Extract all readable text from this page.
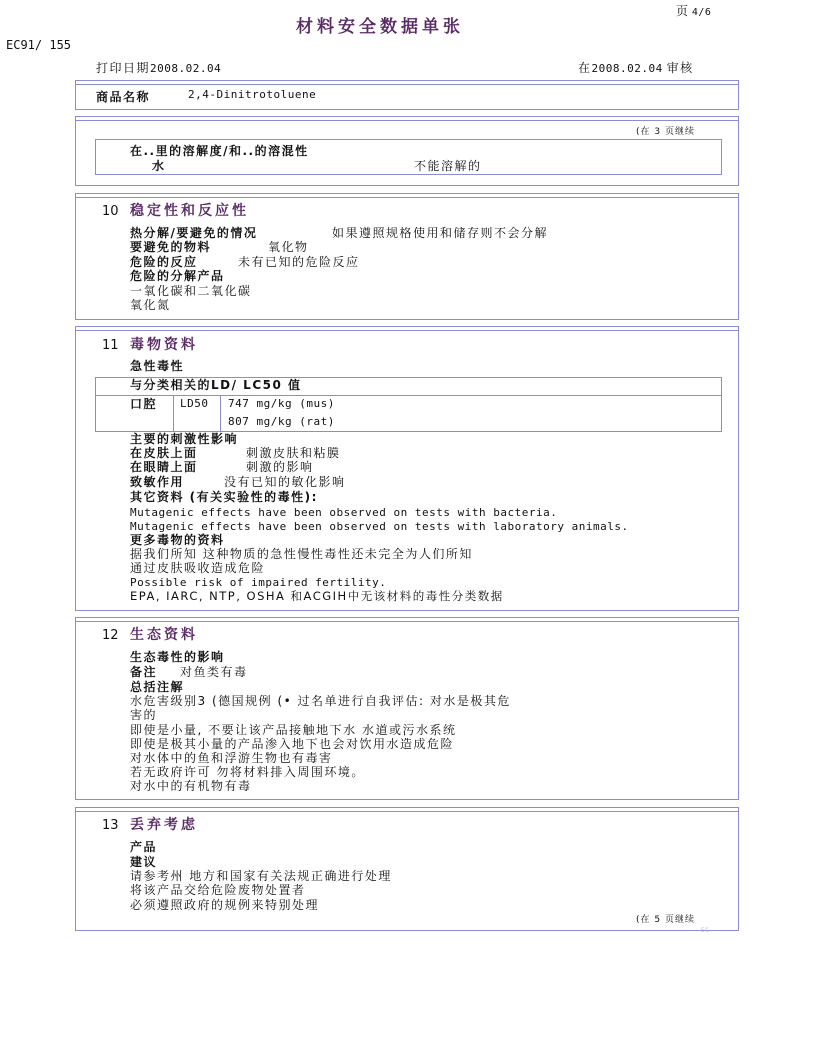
页 4/6
材料安全数据单张
EC91/ 155
打印日期2008.02.04	在2008.02.04 审核
商品名称	2,4-Dinitrotoluene
(在 3 页继续
在..里的溶解度/和..的溶混性
水	不能溶解的
10 稳定性和反应性
热分解/要避免的情况	如果遵照规格使用和储存则不会分解
要避免的物料	氧化物
危险的反应	未有已知的危险反应
危险的分解产品
一氧化碳和二氧化碳
氧化氮
11 毒物资料
急性毒性
与分类相关的LD/ LC50 值
口腔 LD50 747 mg/kg (mus)
807 mg/kg (rat)
主要的刺激性影响
在皮肤上面	刺激皮肤和粘膜
在眼睛上面	刺激的影响
致敏作用	没有已知的敏化影响
其它资料 (有关实验性的毒性):
Mutagenic effects have been observed on tests with bacteria.
Mutagenic effects have been observed on tests with laboratory animals.
更多毒物的资料
据我们所知 这种物质的急性慢性毒性还未完全为人们所知
通过皮肤吸收造成危险
Possible risk of impaired fertility.
EPA, IARC, NTP, OSHA 和ACGIH中无该材料的毒性分类数据
12 生态资料
生态毒性的影响
备注 对鱼类有毒
总括注解
水危害级别3 (德国规例 (• 过名单进行自我评估: 对水是极其危
害的
即使是小量, 不要让该产品接触地下水 水道或污水系统
即使是极其小量的产品渗入地下也会对饮用水造成危险
对水体中的鱼和浮游生物也有毒害
若无政府许可 勿将材料排入周围环境。
对水中的有机物有毒
13 丢弃考虑
产品
建议
请参考州 地方和国家有关法规正确进行处理
将该产品交给危险废物处置者
必须遵照政府的规例来特别处理
(在 5 页继续
EC
